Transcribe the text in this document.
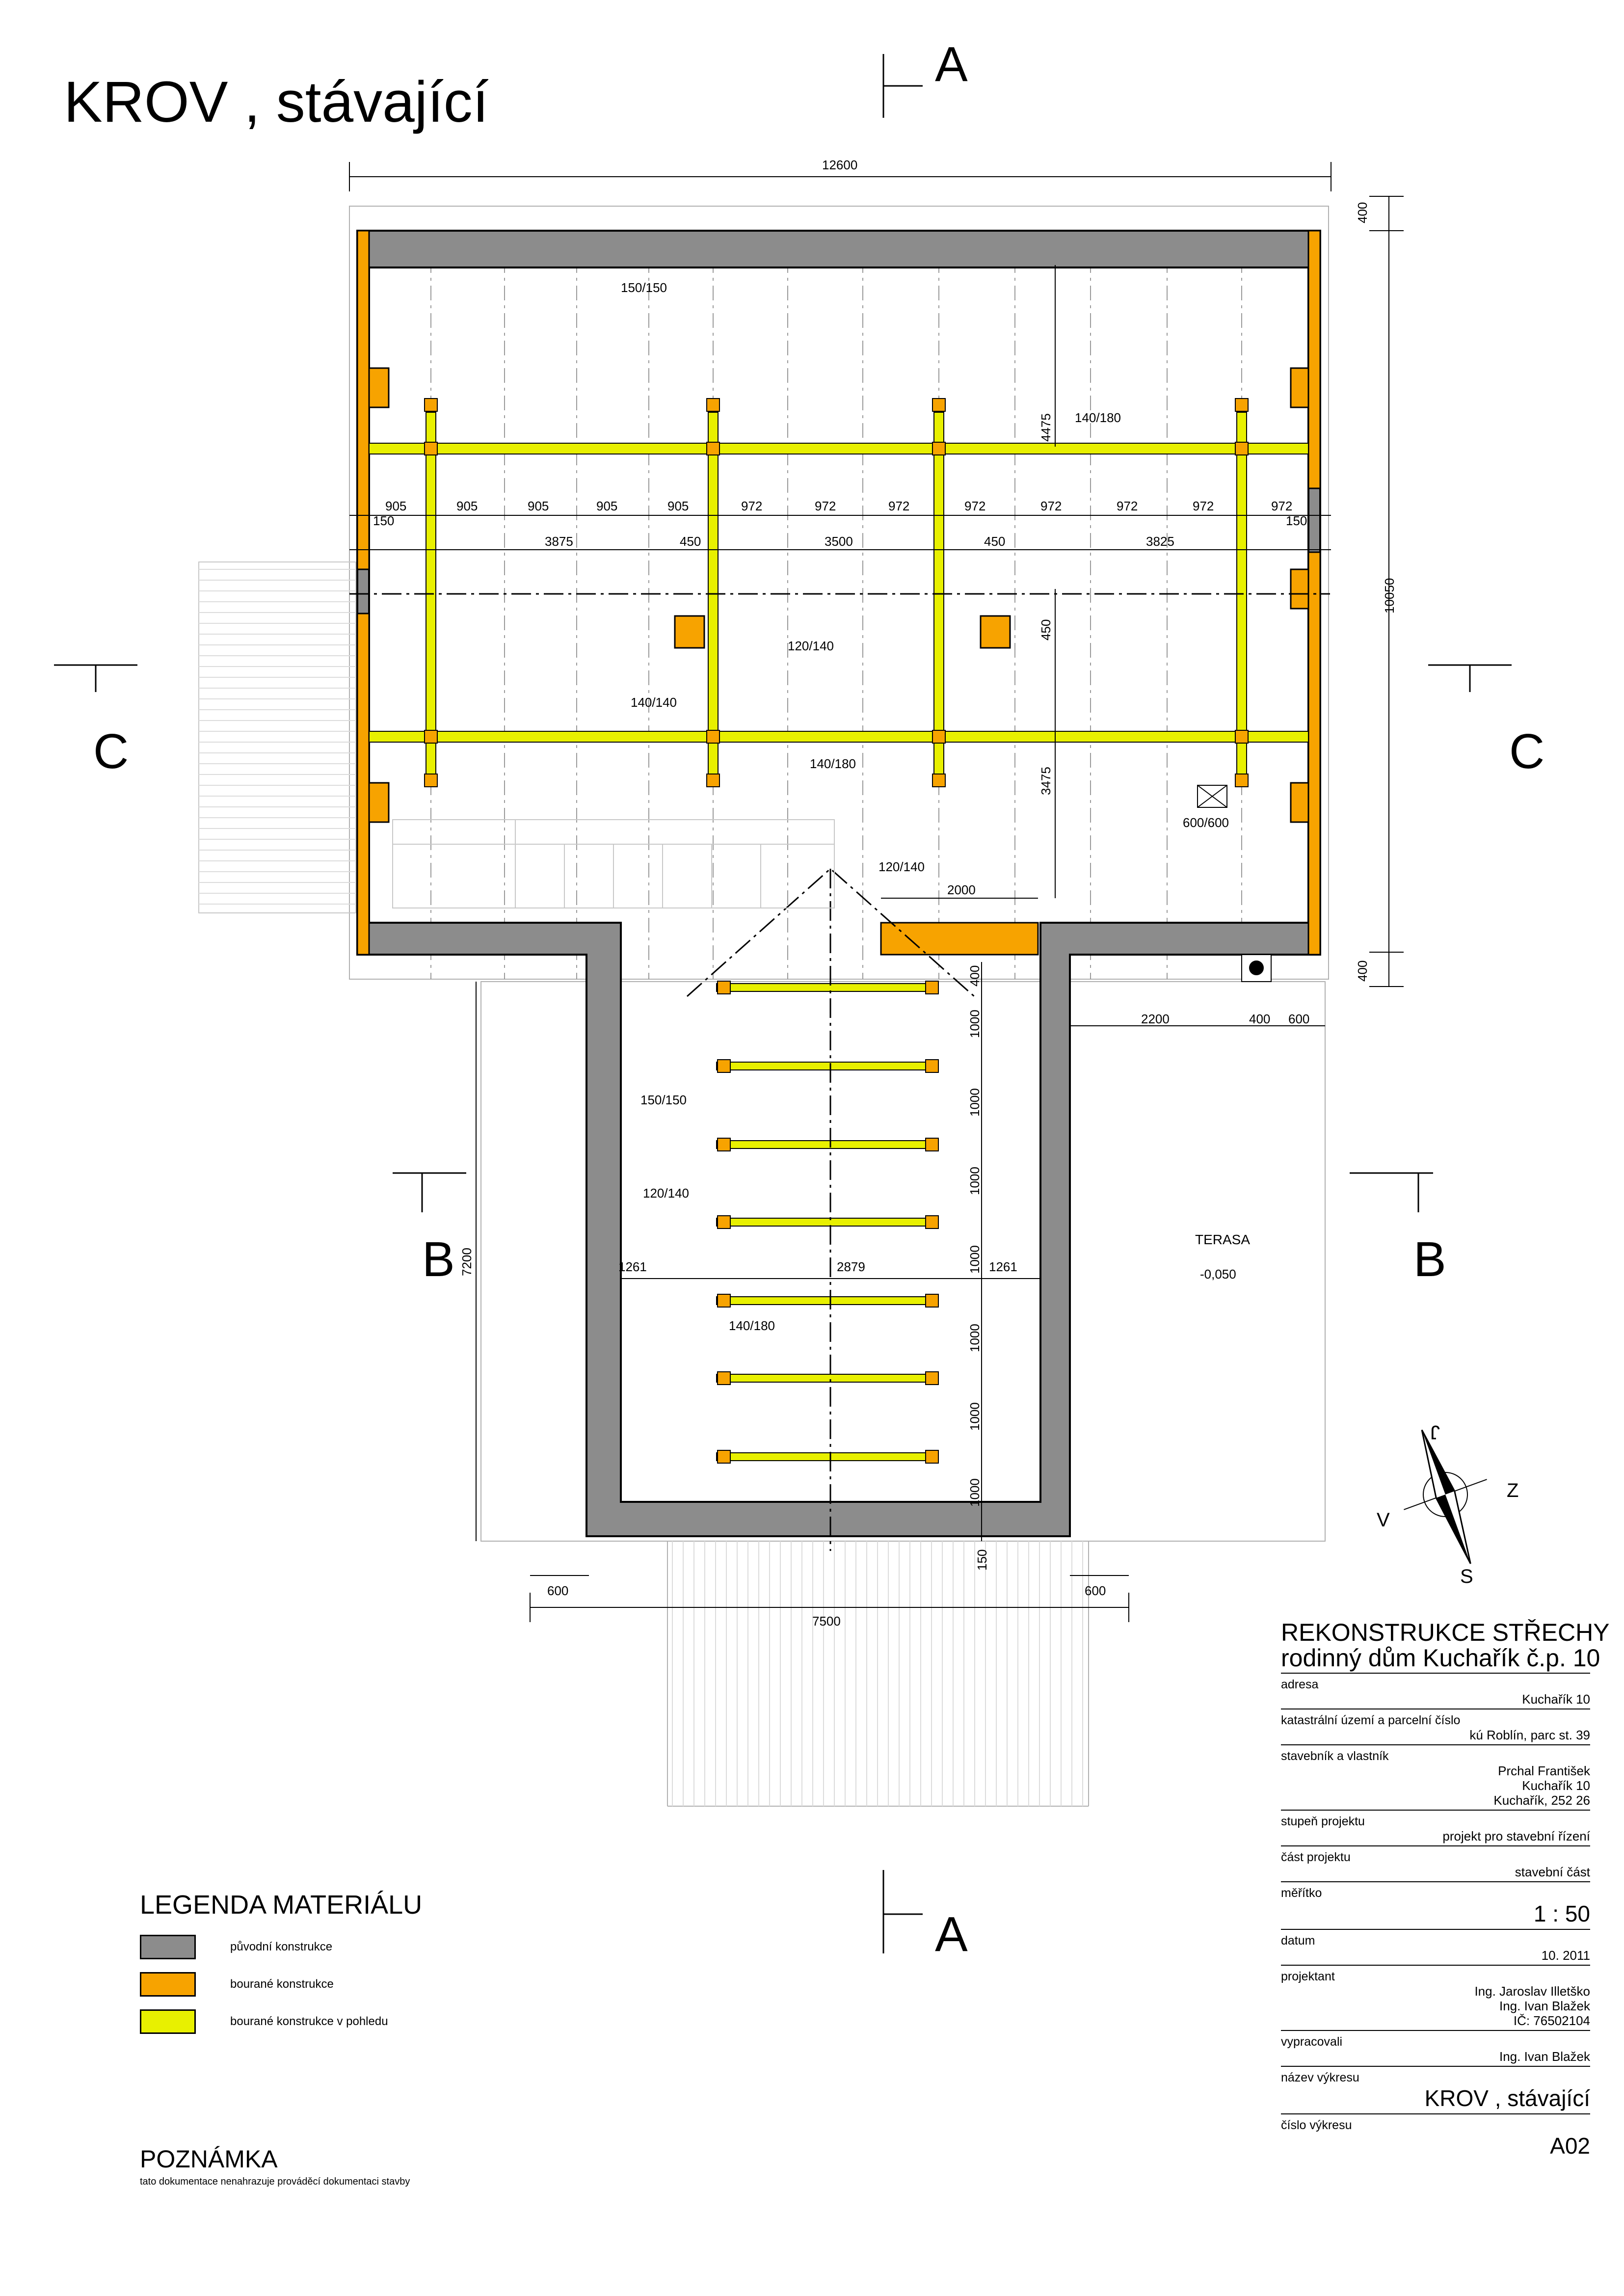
KROV , stávající
A
A
C	C
B	B
12600
10050
400
400
905	905	905	905	905	972	972	972	972	972	972	972	972
150	150
3875	3500	3825
450	450
450
4475
3475
2000
7200
400
1000
1000
1000
1000
1000
1000
1000
150
1261	2879	1261
2200	400 600
600	600
7500
150/150
140/180
120/140
140/140
140/180
600/600
120/140
150/150
120/140
140/180
TERASA
-0,050
J
S
Z
V
REKONSTRUKCE STŘECHY
rodinný dům Kuchařík č.p. 10
adresa
Kuchařík 10
katastrální území a parcelní číslo
kú Roblín, parc st. 39
stavebník a vlastník
Prchal František
Kuchařík 10
Kuchařík, 252 26
stupeň projektu
projekt pro stavební řízení
část projektu
stavební část
měřítko
1 : 50
datum
10. 2011
projektant
Ing. Jaroslav Illetško
Ing. Ivan Blažek
IČ: 76502104
vypracovali
Ing. Ivan Blažek
název výkresu
KROV , stávající
číslo výkresu
A02
LEGENDA MATERIÁLU
původní konstrukce
bourané konstrukce
bourané konstrukce v pohledu
POZNÁMKA

tato dokumentace nenahrazuje prováděcí dokumentaci stavby
